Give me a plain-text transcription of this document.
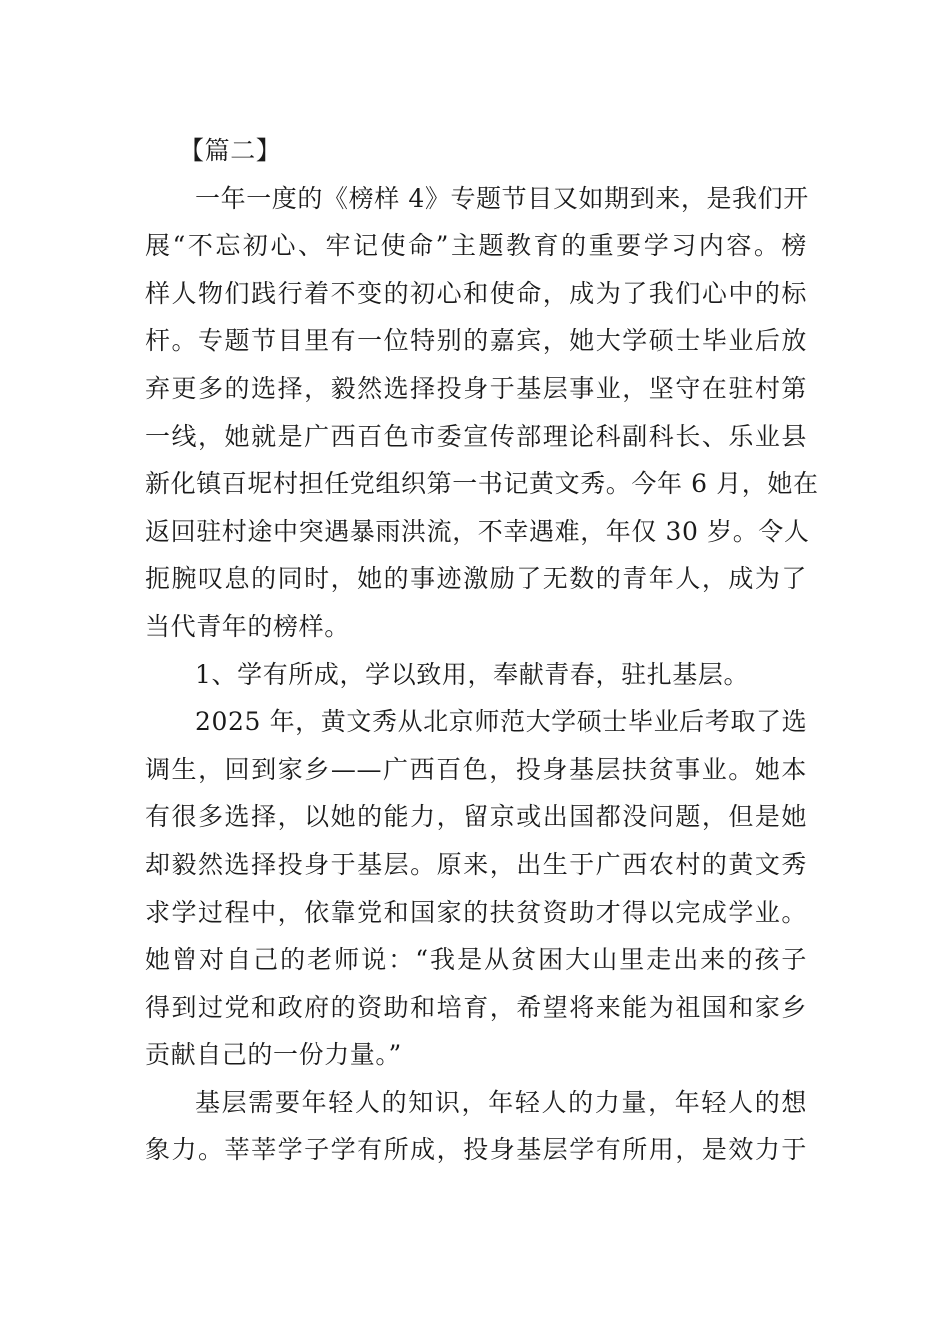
【篇二】

一年一度的《榜样 4》专题节目又如期到来，是我们开
展“不忘初心、牢记使命”主题教育的重要学习内容。榜
样人物们践行着不变的初心和使命，成为了我们心中的标
杆。专题节目里有一位特别的嘉宾，她大学硕士毕业后放
弃更多的选择，毅然选择投身于基层事业，坚守在驻村第
一线，她就是广西百色市委宣传部理论科副科长、乐业县
新化镇百坭村担任党组织第一书记黄文秀。今年 6 月，她在
返回驻村途中突遇暴雨洪流，不幸遇难，年仅 30 岁。令人
扼腕叹息的同时，她的事迹激励了无数的青年人，成为了
当代青年的榜样。
1、学有所成，学以致用，奉献青春，驻扎基层。
2025 年，黄文秀从北京师范大学硕士毕业后考取了选
调生，回到家乡——广西百色，投身基层扶贫事业。她本
有很多选择，以她的能力，留京或出国都没问题，但是她
却毅然选择投身于基层。原来，出生于广西农村的黄文秀
求学过程中，依靠党和国家的扶贫资助才得以完成学业。
她曾对自己的老师说：“我是从贫困大山里走出来的孩子
得到过党和政府的资助和培育，希望将来能为祖国和家乡
贡献自己的一份力量。”
基层需要年轻人的知识，年轻人的力量，年轻人的想
象力。莘莘学子学有所成，投身基层学有所用，是效力于
